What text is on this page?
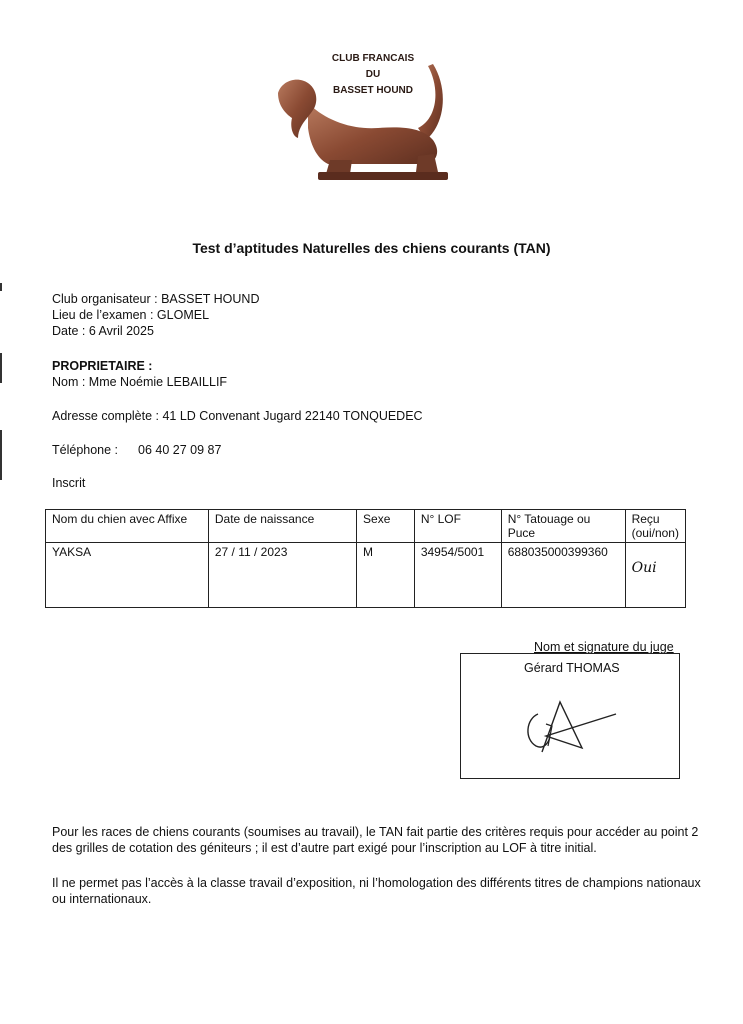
CLUB FRANCAIS
DU
BASSET HOUND
Test d’aptitudes Naturelles des chiens courants (TAN)
Club organisateur : BASSET HOUND
Lieu de l’examen : GLOMEL
Date : 6 Avril 2025
PROPRIETAIRE :
Nom : Mme Noémie LEBAILLIF
Adresse complète : 41 LD Convenant Jugard 22140 TONQUEDEC
Téléphone : 06 40 27 09 87
Inscrit
Nom du chien avec Affixe	Date de naissance	Sexe	N° LOF	N° Tatouage ou Puce	Reçu (oui/non)
YAKSA	27 / 11 / 2023	M	34954/5001	688035000399360	Oui
Nom et signature du juge
Gérard THOMAS
Pour les races de chiens courants (soumises au travail), le TAN fait partie des critères requis pour accéder au point 2 des grilles de cotation des géniteurs ; il est d’autre part exigé pour l’inscription au LOF à titre initial.
Il ne permet pas l’accès à la classe travail d’exposition, ni l’homologation des différents titres de champions nationaux ou internationaux.
